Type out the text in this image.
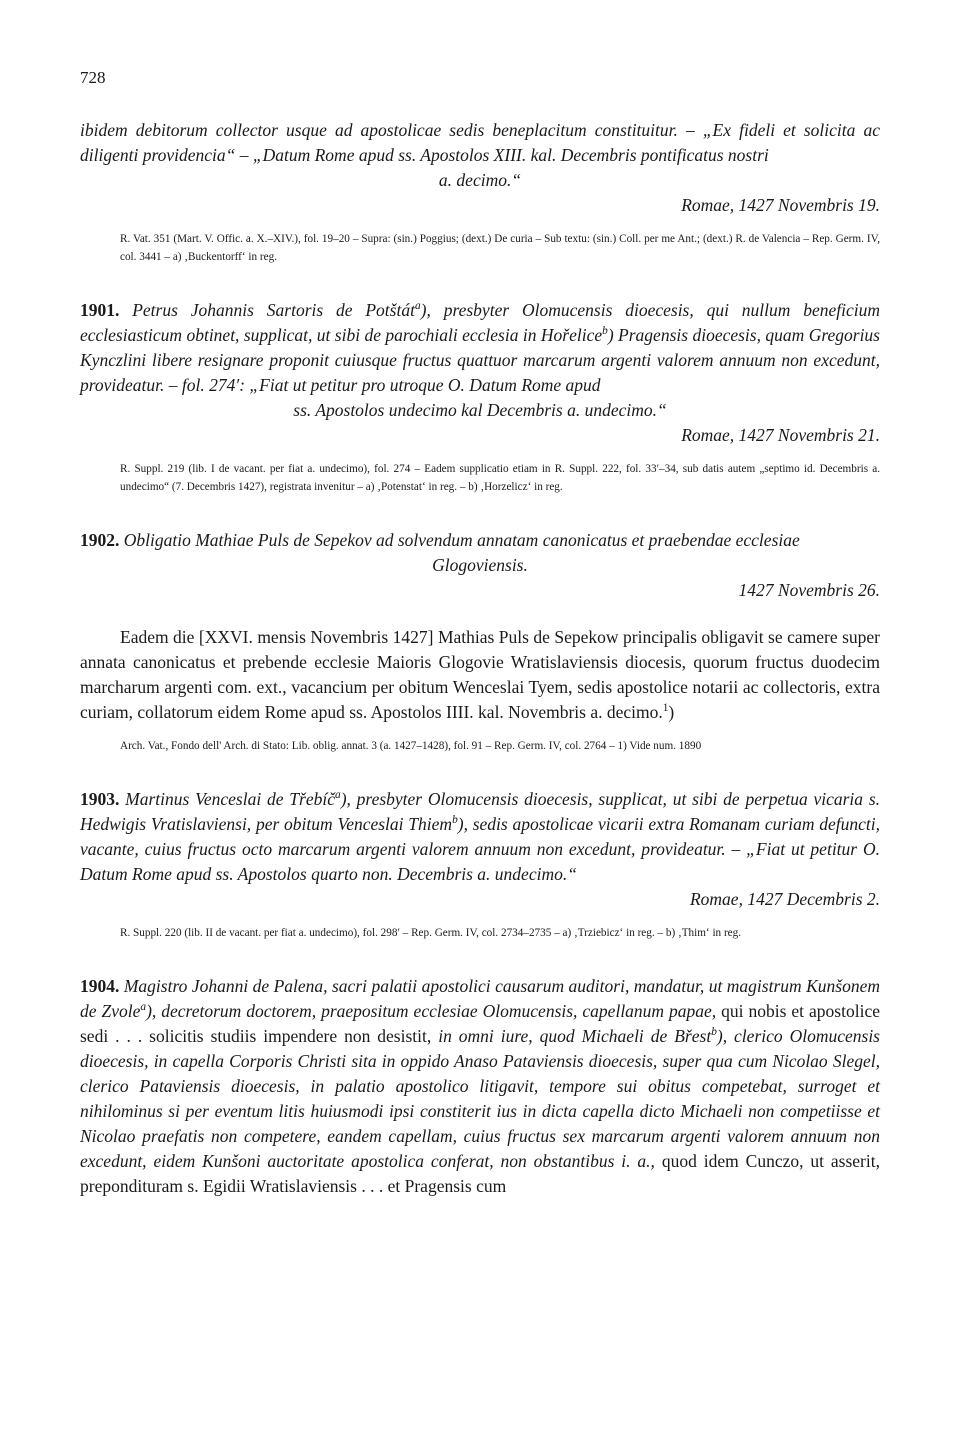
728
ibidem debitorum collector usque ad apostolicae sedis beneplacitum constituitur. – „Ex fideli et solicita ac diligenti providencia“ – „Datum Rome apud ss. Apostolos XIII. kal. Decembris pontificatus nostri
a. decimo.“
Romae, 1427 Novembris 19.
R. Vat. 351 (Mart. V. Offic. a. X.–XIV.), fol. 19–20 – Supra: (sin.) Poggius; (dext.) De curia – Sub textu: (sin.) Coll. per me Ant.; (dext.) R. de Valencia – Rep. Germ. IV, col. 3441 – a) ‚Buckentorff‘ in reg.
1901. Petrus Johannis Sartoris de Potštát$^a$), presbyter Olomucensis dioecesis, qui nullum beneficium ecclesiasticum obtinet, supplicat, ut sibi de parochiali ecclesia in Hořelice$^b$) Pragensis dioecesis, quam Gregorius Kynczlini libere resignare proponit cuiusque fructus quattuor marcarum argenti valorem annuum non excedunt, provideatur. – fol. 274′: „Fiat ut petitur pro utroque O. Datum Rome apud
ss. Apostolos undecimo kal Decembris a. undecimo.“
Romae, 1427 Novembris 21.
R. Suppl. 219 (lib. I de vacant. per fiat a. undecimo), fol. 274 – Eadem supplicatio etiam in R. Suppl. 222, fol. 33′–34, sub datis autem „septimo id. Decembris a. undecimo“ (7. Decembris 1427), registrata invenitur – a) ‚Potenstat‘ in reg. – b) ‚Horzelicz‘ in reg.
1902. Obligatio Mathiae Puls de Sepekov ad solvendum annatam canonicatus et praebendae ecclesiae
Glogoviensis.
1427 Novembris 26.
Eadem die [XXVI. mensis Novembris 1427] Mathias Puls de Sepekow principalis obligavit se camere super annata canonicatus et prebende ecclesie Maioris Glogovie Wratislaviensis diocesis, quorum fructus duodecim marcharum argenti com. ext., vacancium per obitum Wenceslai Tyem, sedis apostolice notarii ac collectoris, extra curiam, collatorum eidem Rome apud ss. Apostolos IIII. kal. Novembris a. decimo.$^1$)
Arch. Vat., Fondo dell' Arch. di Stato: Lib. oblig. annat. 3 (a. 1427–1428), fol. 91 – Rep. Germ. IV, col. 2764 – 1) Vide num. 1890
1903. Martinus Venceslai de Třebíč$^a$), presbyter Olomucensis dioecesis, supplicat, ut sibi de perpetua vicaria s. Hedwigis Vratislaviensi, per obitum Venceslai Thiem$^b$), sedis apostolicae vicarii extra Romanam curiam defuncti, vacante, cuius fructus octo marcarum argenti valorem annuum non excedunt, provideatur. – „Fiat ut petitur O. Datum Rome apud ss. Apostolos quarto non. Decembris a. undecimo.“
Romae, 1427 Decembris 2.
R. Suppl. 220 (lib. II de vacant. per fiat a. undecimo), fol. 298′ – Rep. Germ. IV, col. 2734–2735 – a) ‚Trziebicz‘ in reg. – b) ‚Thim‘ in reg.
1904. Magistro Johanni de Palena, sacri palatii apostolici causarum auditori, mandatur, ut magistrum Kunšonem de Zvole$^a$), decretorum doctorem, praepositum ecclesiae Olomucensis, capellanum papae, qui nobis et apostolice sedi . . . solicitis studiis impendere non desistit, in omni iure, quod Michaeli de Břest$^b$), clerico Olomucensis dioecesis, in capella Corporis Christi sita in oppido Anaso Pataviensis dioecesis, super qua cum Nicolao Slegel, clerico Pataviensis dioecesis, in palatio apostolico litigavit, tempore sui obitus competebat, surroget et nihilominus si per eventum litis huiusmodi ipsi constiterit ius in dicta capella dicto Michaeli non competiisse et Nicolao praefatis non competere, eandem capellam, cuius fructus sex marcarum argenti valorem annuum non excedunt, eidem Kunšoni auctoritate apostolica conferat, non obstantibus i. a., quod idem Cunczo, ut asserit, prepondituram s. Egidii Wratislaviensis . . . et Pragensis cum
